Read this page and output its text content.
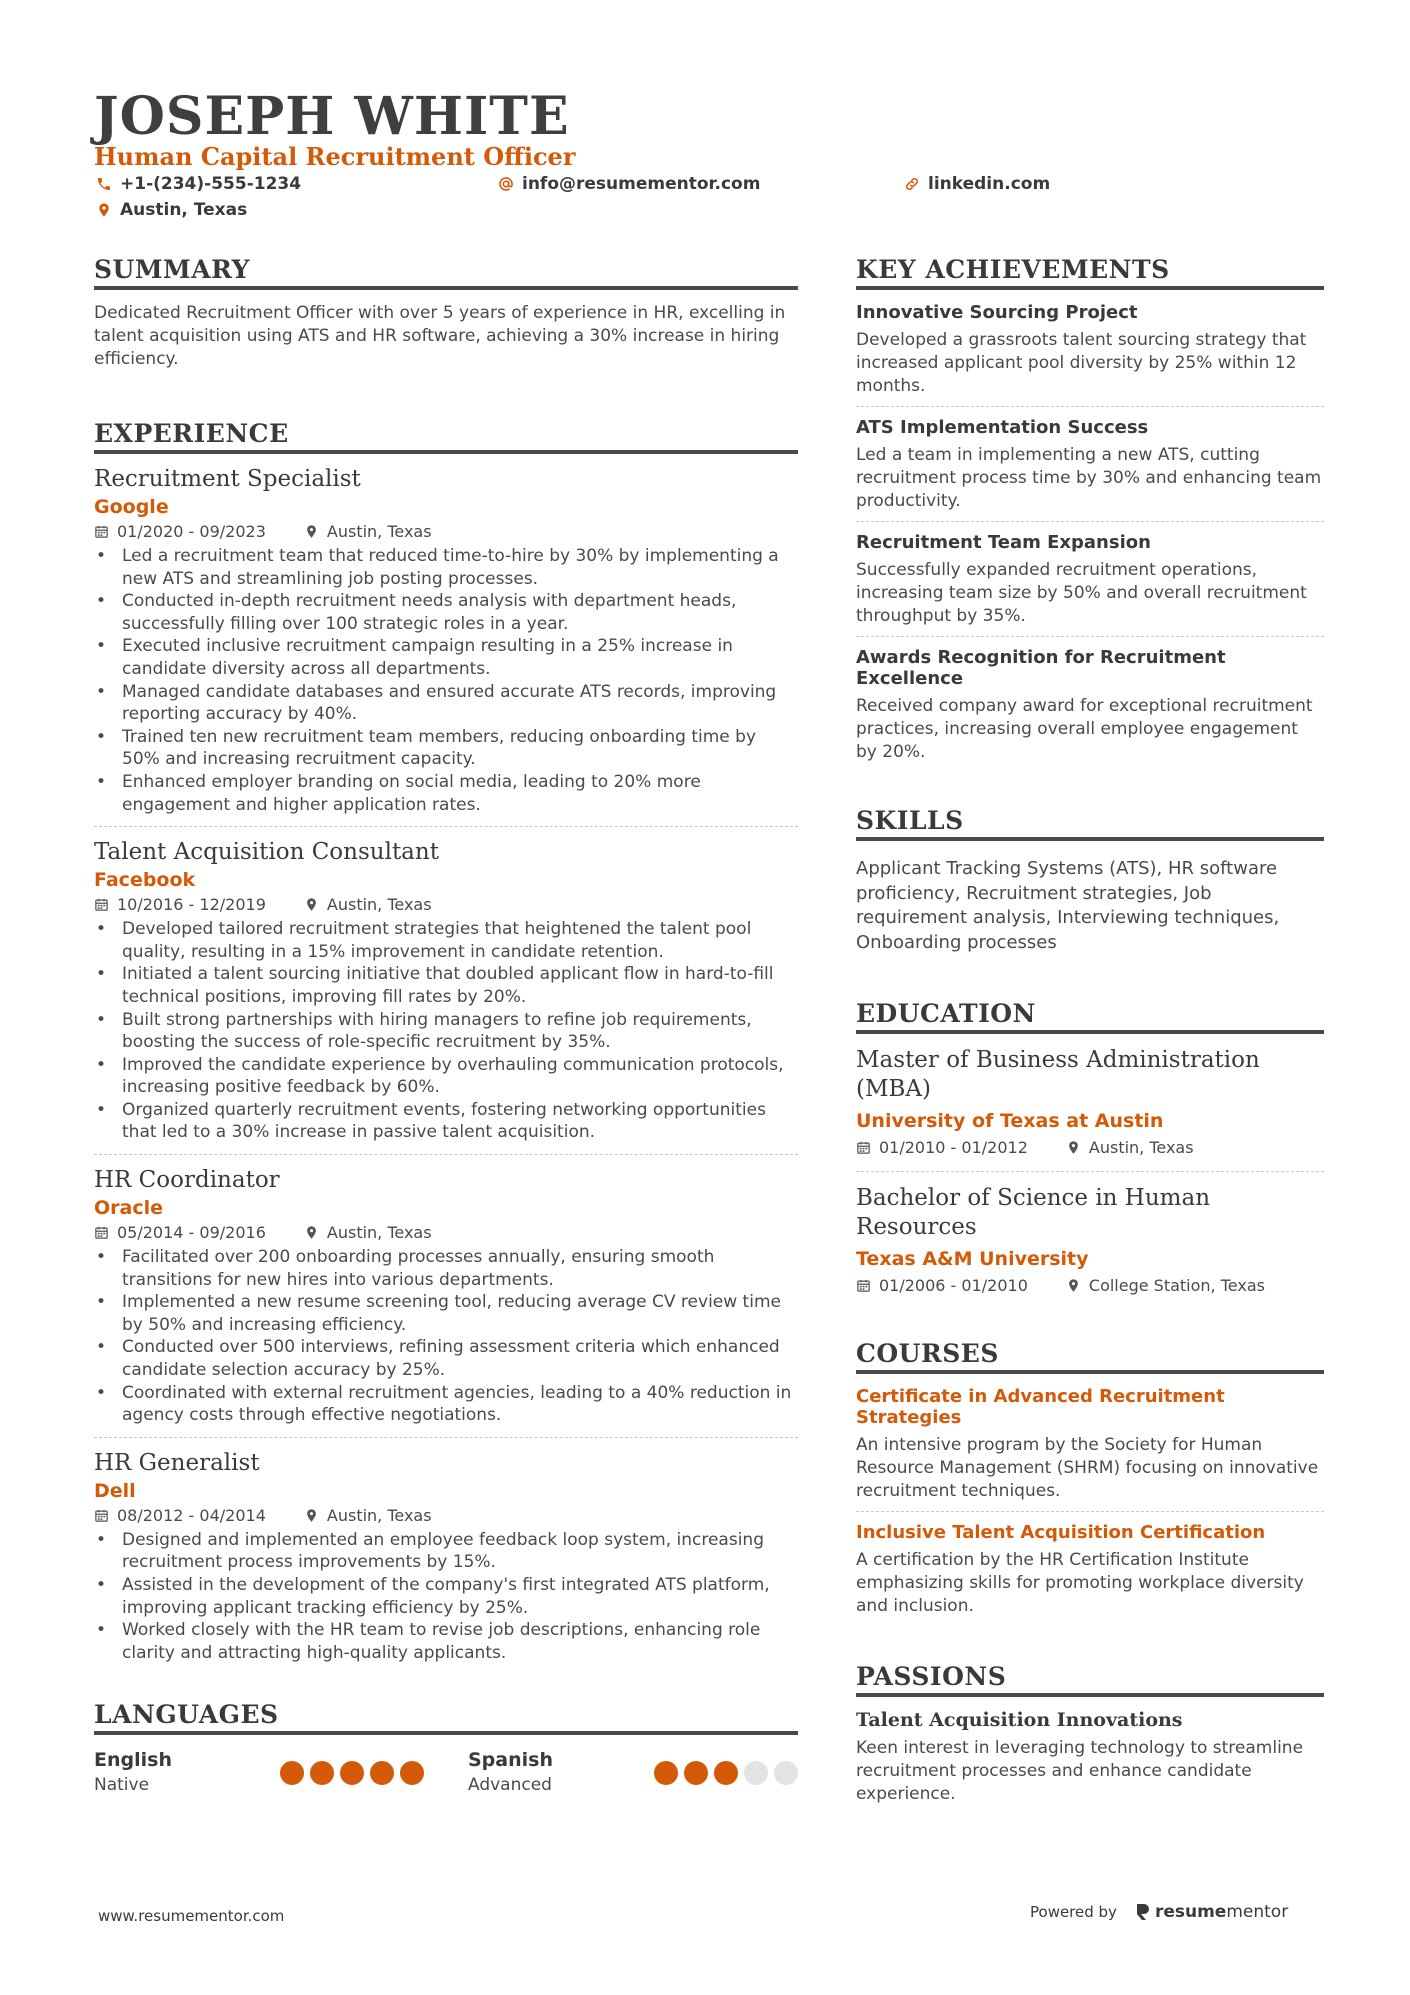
JOSEPH WHITE
Human Capital Recruitment Officer
+1-(234)-555-1234	info@resumementor.com	linkedin.com
Austin, Texas
SUMMARY
Dedicated Recruitment Officer with over 5 years of experience in HR, excelling in talent acquisition using ATS and HR software, achieving a 30% increase in hiring efficiency.
EXPERIENCE
Recruitment Specialist
Google
01/2020 - 09/2023	Austin, Texas
• Led a recruitment team that reduced time-to-hire by 30% by implementing a new ATS and streamlining job posting processes.
• Conducted in-depth recruitment needs analysis with department heads, successfully filling over 100 strategic roles in a year.
• Executed inclusive recruitment campaign resulting in a 25% increase in candidate diversity across all departments.
• Managed candidate databases and ensured accurate ATS records, improving reporting accuracy by 40%.
• Trained ten new recruitment team members, reducing onboarding time by 50% and increasing recruitment capacity.
• Enhanced employer branding on social media, leading to 20% more engagement and higher application rates.
Talent Acquisition Consultant
Facebook
10/2016 - 12/2019	Austin, Texas
• Developed tailored recruitment strategies that heightened the talent pool quality, resulting in a 15% improvement in candidate retention.
• Initiated a talent sourcing initiative that doubled applicant flow in hard-to-fill technical positions, improving fill rates by 20%.
• Built strong partnerships with hiring managers to refine job requirements, boosting the success of role-specific recruitment by 35%.
• Improved the candidate experience by overhauling communication protocols, increasing positive feedback by 60%.
• Organized quarterly recruitment events, fostering networking opportunities that led to a 30% increase in passive talent acquisition.
HR Coordinator
Oracle
05/2014 - 09/2016	Austin, Texas
• Facilitated over 200 onboarding processes annually, ensuring smooth transitions for new hires into various departments.
• Implemented a new resume screening tool, reducing average CV review time by 50% and increasing efficiency.
• Conducted over 500 interviews, refining assessment criteria which enhanced candidate selection accuracy by 25%.
• Coordinated with external recruitment agencies, leading to a 40% reduction in agency costs through effective negotiations.
HR Generalist
Dell
08/2012 - 04/2014	Austin, Texas
• Designed and implemented an employee feedback loop system, increasing recruitment process improvements by 15%.
• Assisted in the development of the company's first integrated ATS platform, improving applicant tracking efficiency by 25%.
• Worked closely with the HR team to revise job descriptions, enhancing role clarity and attracting high-quality applicants.
LANGUAGES
English
Native
Spanish
Advanced
KEY ACHIEVEMENTS
Innovative Sourcing Project
Developed a grassroots talent sourcing strategy that increased applicant pool diversity by 25% within 12 months.
ATS Implementation Success
Led a team in implementing a new ATS, cutting recruitment process time by 30% and enhancing team productivity.
Recruitment Team Expansion
Successfully expanded recruitment operations, increasing team size by 50% and overall recruitment throughput by 35%.
Awards Recognition for Recruitment Excellence
Received company award for exceptional recruitment practices, increasing overall employee engagement by 20%.
SKILLS
Applicant Tracking Systems (ATS), HR software proficiency, Recruitment strategies, Job requirement analysis, Interviewing techniques, Onboarding processes
EDUCATION
Master of Business Administration (MBA)
University of Texas at Austin
01/2010 - 01/2012	Austin, Texas
Bachelor of Science in Human Resources
Texas A&M University
01/2006 - 01/2010	College Station, Texas
COURSES
Certificate in Advanced Recruitment Strategies
An intensive program by the Society for Human Resource Management (SHRM) focusing on innovative recruitment techniques.
Inclusive Talent Acquisition Certification
A certification by the HR Certification Institute emphasizing skills for promoting workplace diversity and inclusion.
PASSIONS
Talent Acquisition Innovations
Keen interest in leveraging technology to streamline recruitment processes and enhance candidate experience.
www.resumementor.com	Powered by resume mentor
